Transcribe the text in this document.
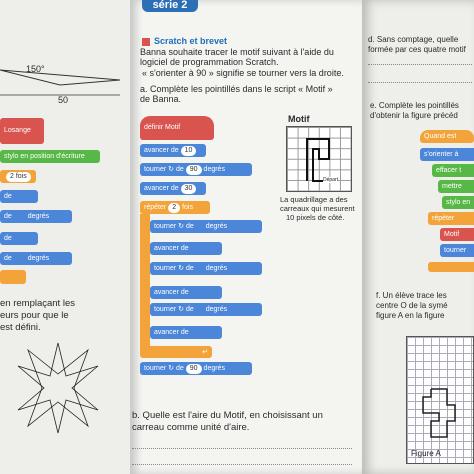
150°
50
Losange
stylo en position d'écriture
2 fois
de
de degrés
de
de degrés
en remplaçant les
eurs pour que le
est défini.
série 2
Scratch et brevet
Banna souhaite tracer le motif suivant à l'aide du
logiciel de programmation Scratch.
« s'orienter à 90 » signifie se tourner vers la droite.
a. Complète les pointillés dans le script « Motif »
de Banna.
définir Motif
avancer de 10
tourner ↻ de 90 degrés
avancer de 30
répéter 2 fois
tourner ↻ de degrés
avancer de
tourner ↻ de degrés
avancer de
tourner ↻ de degrés
avancer de
↵
tourner ↻ de 90 degrés
Motif
Départ
La quadrillage a des
carreaux qui mesurent
10 pixels de côté.
b. Quelle est l'aire du Motif, en choisissant un
carreau comme unité d'aire.
d. Sans comptage, quelle
formée par ces quatre motif
e. Complète les pointillés
d'obtenir la figure précéd
Quand est
s'orienter à
effacer t
mettre
stylo en
répéter
Motif
tourner
f. Un élève trace les
centre O de la symé
figure A en la figure
Figure A
